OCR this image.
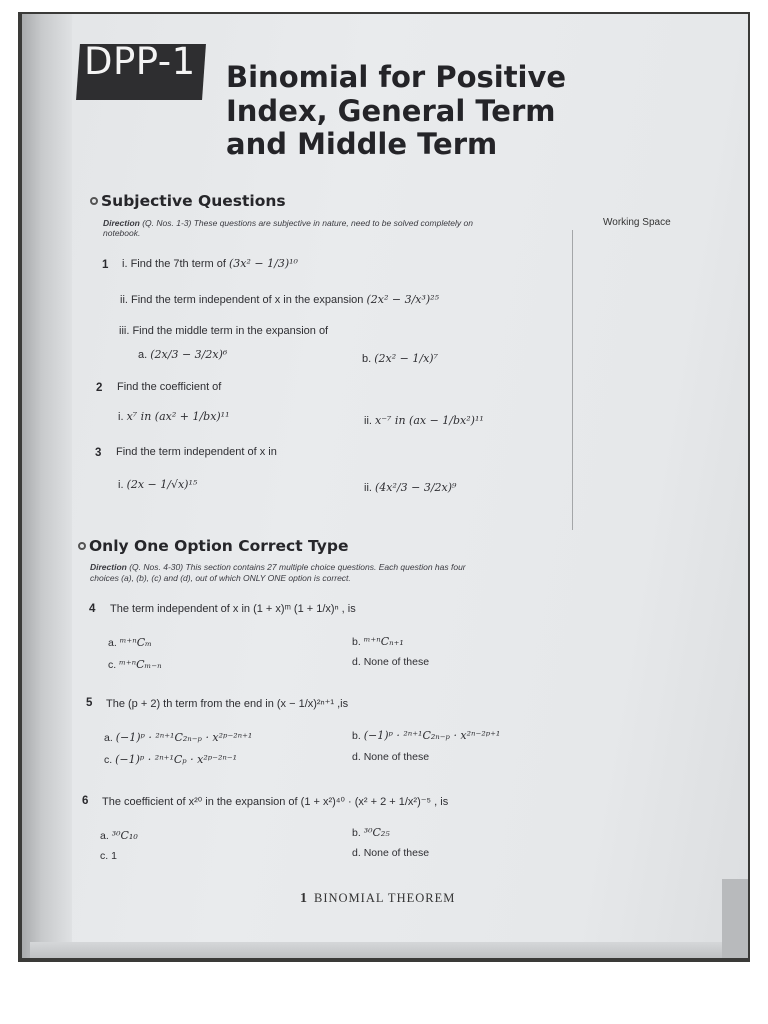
DPP-1 Binomial for Positive
Index, General Term
and Middle Term
Subjective Questions
Direction (Q. Nos. 1-3) These questions are subjective in nature, need to be solved completely on
notebook.
Working Space
1 i. Find the 7th term of (3x² − 1/3)¹⁰
ii. Find the term independent of x in the expansion (2x² − 3/x³)²⁵
iii. Find the middle term in the expansion of
a. (2x/3 − 3/2x)⁶	b. (2x² − 1/x)⁷
2 Find the coefficient of
i. x⁷ in (ax² + 1/bx)¹¹	ii. x⁻⁷ in (ax − 1/bx²)¹¹
3 Find the term independent of x in
i. (2x − 1/√x)¹⁵	ii. (4x²/3 − 3/2x)⁹
Only One Option Correct Type
Direction (Q. Nos. 4-30) This section contains 27 multiple choice questions. Each question has four
choices (a), (b), (c) and (d), out of which ONLY ONE option is correct.
4 The term independent of x in (1 + x)ᵐ (1 + 1/x)ⁿ , is
a. ᵐ⁺ⁿCₘ	b. ᵐ⁺ⁿCₙ₊₁
c. ᵐ⁺ⁿCₘ₋ₙ	d. None of these
5 The (p + 2) th term from the end in (x − 1/x)²ⁿ⁺¹ ,is
a. (−1)ᵖ · ²ⁿ⁺¹C₂ₙ₋ₚ · x²ᵖ⁻²ⁿ⁺¹	b. (−1)ᵖ · ²ⁿ⁺¹C₂ₙ₋ₚ · x²ⁿ⁻²ᵖ⁺¹
c. (−1)ᵖ · ²ⁿ⁺¹Cₚ · x²ᵖ⁻²ⁿ⁻¹	d. None of these
6 The coefficient of x²⁰ in the expansion of (1 + x²)⁴⁰ · (x² + 2 + 1/x²)⁻⁵ , is
a. ³⁰C₁₀	b. ³⁰C₂₅
c. 1	d. None of these
1 BINOMIAL THEOREM
